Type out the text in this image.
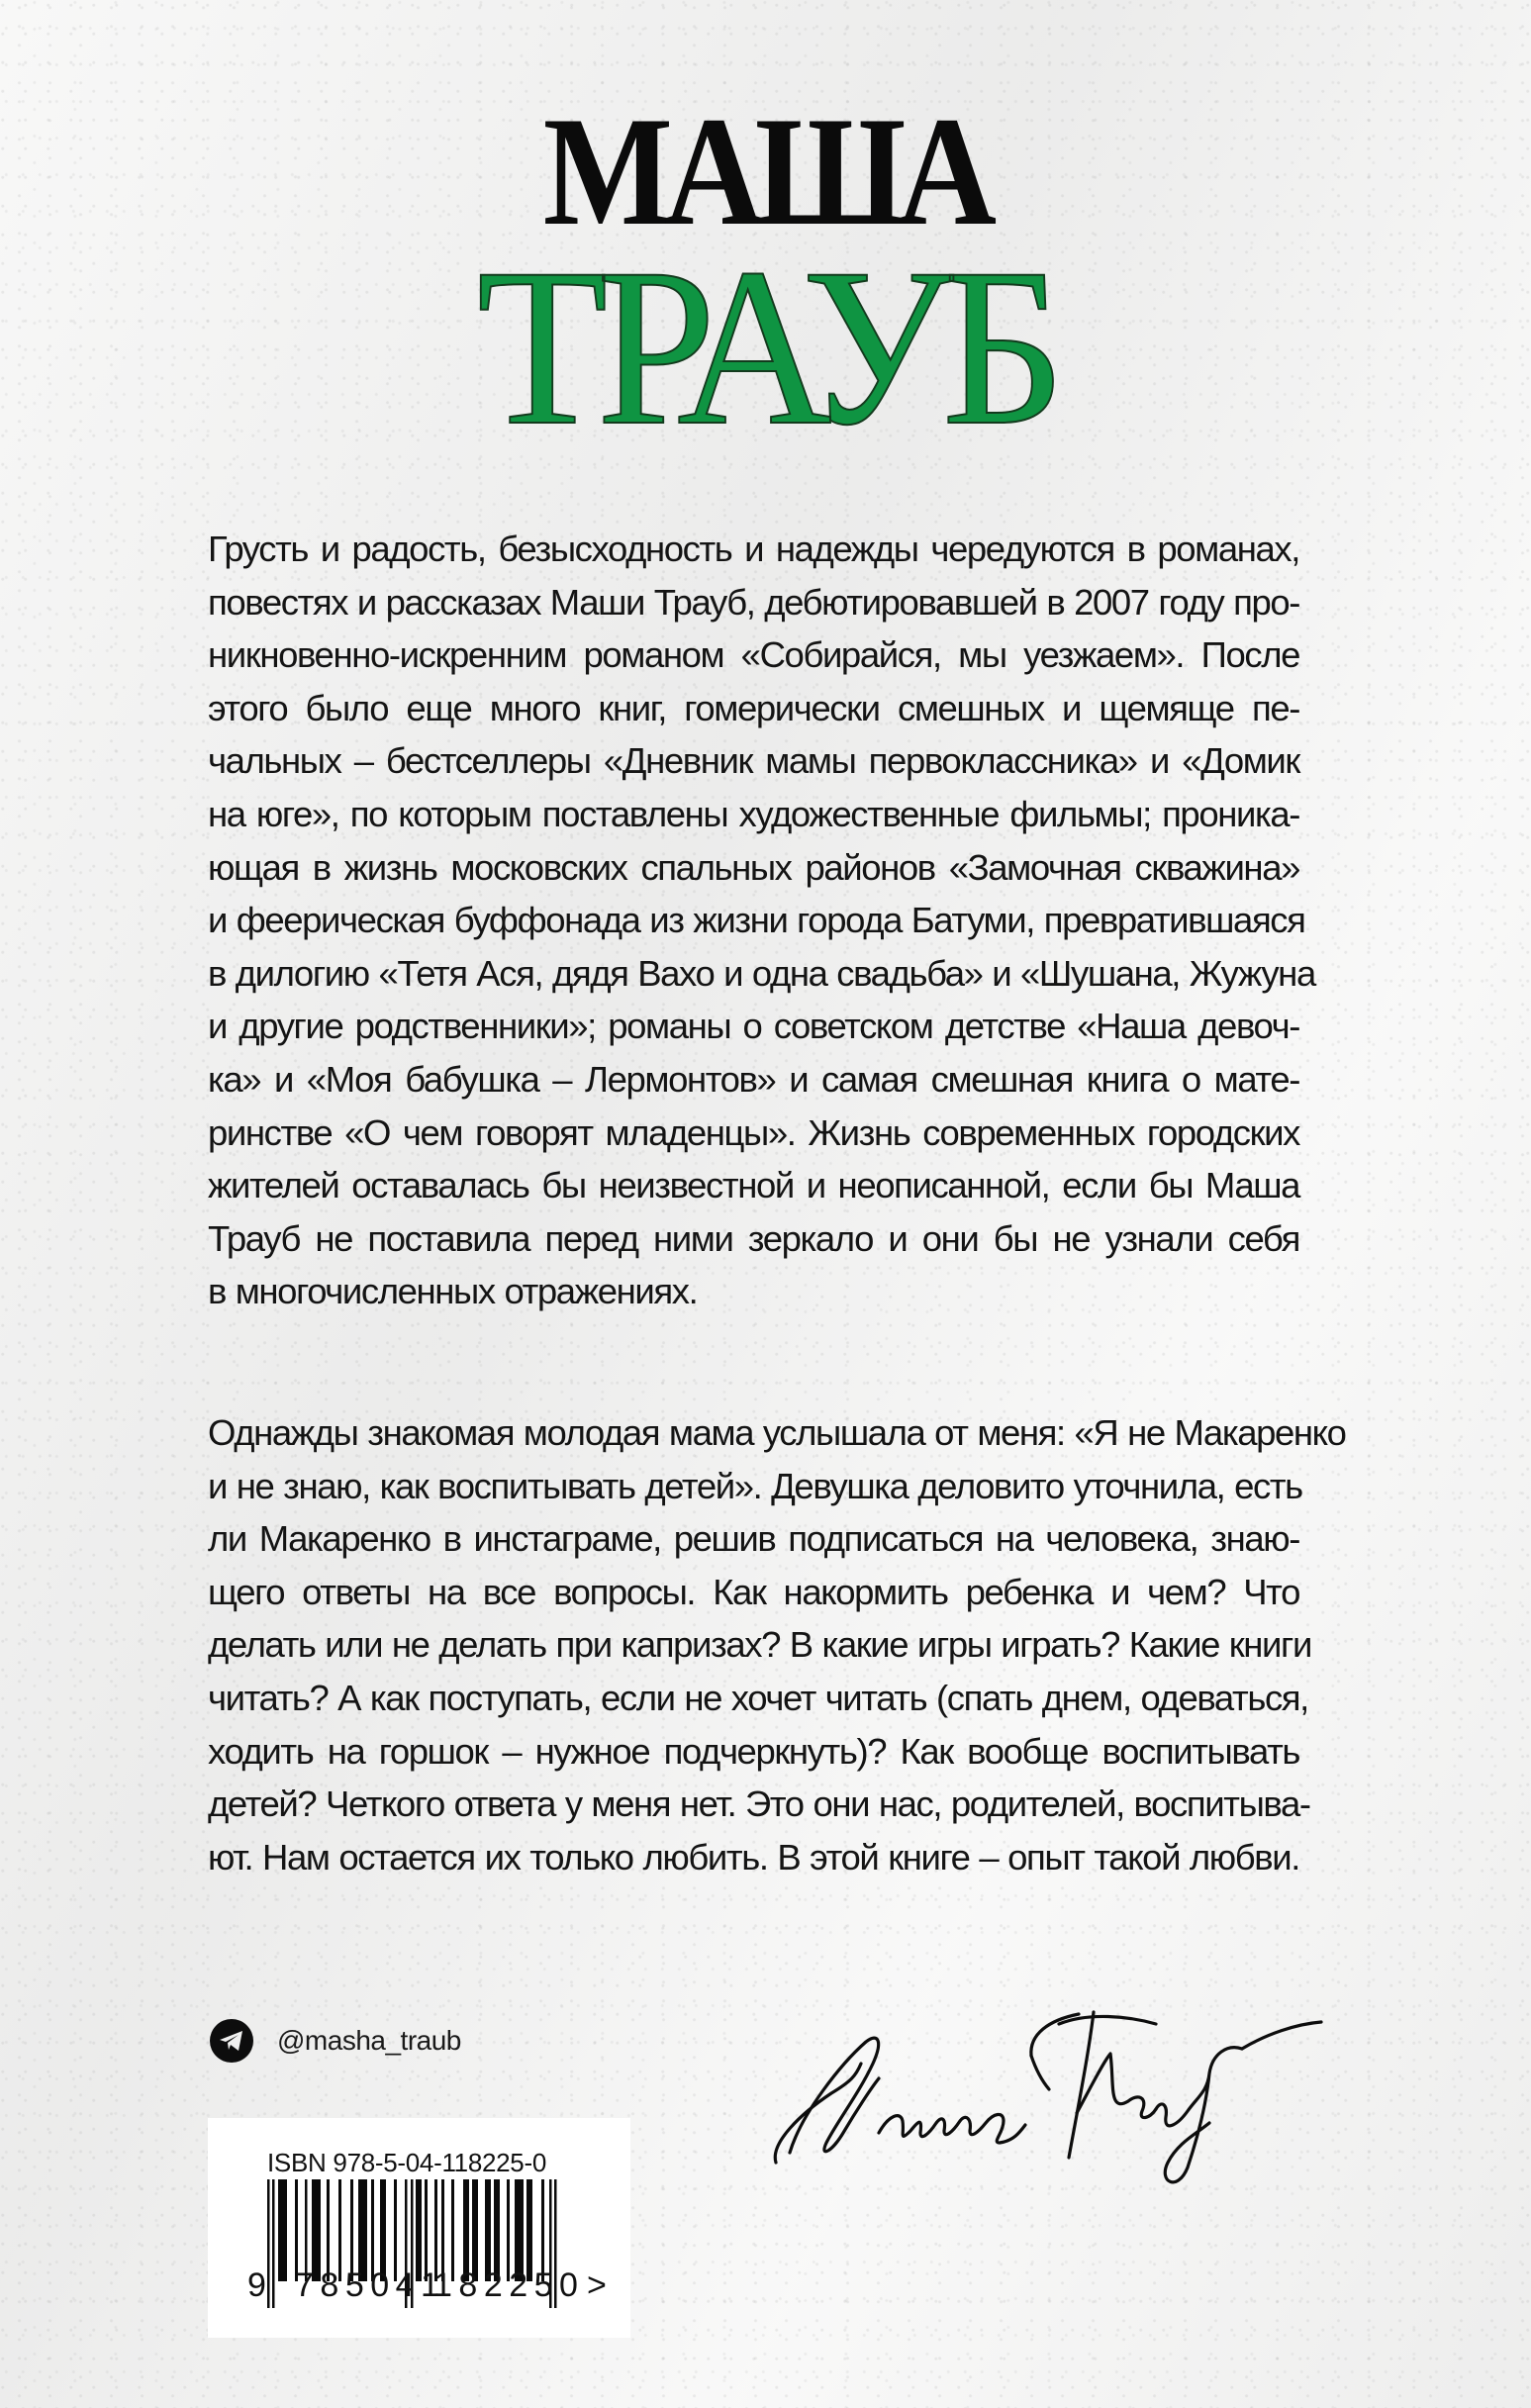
МАША
ТРАУБ
Грусть и радость, безысходность и надежды чередуются в романах,
повестях и рассказах Маши Трауб, дебютировавшей в 2007 году про-
никновенно-искренним романом «Собирайся, мы уезжаем». После
этого было еще много книг, гомерически смешных и щемяще пе-
чальных – бестселлеры «Дневник мамы первоклассника» и «Домик
на юге», по которым поставлены художественные фильмы; проника-
ющая в жизнь московских спальных районов «Замочная скважина»
и феерическая буффонада из жизни города Батуми, превратившаяся
в дилогию «Тетя Ася, дядя Вахо и одна свадьба» и «Шушана, Жужуна
и другие родственники»; романы о советском детстве «Наша девоч-
ка» и «Моя бабушка – Лермонтов» и самая смешная книга о мате-
ринстве «О чем говорят младенцы». Жизнь современных городских
жителей оставалась бы неизвестной и неописанной, если бы Маша
Трауб не поставила перед ними зеркало и они бы не узнали себя
в многочисленных отражениях.
Однажды знакомая молодая мама услышала от меня: «Я не Макаренко
и не знаю, как воспитывать детей». Девушка деловито уточнила, есть
ли Макаренко в инстаграме, решив подписаться на человека, знаю-
щего ответы на все вопросы. Как накормить ребенка и чем? Что
делать или не делать при капризах? В какие игры играть? Какие книги
читать? А как поступать, если не хочет читать (спать днем, одеваться,
ходить на горшок – нужное подчеркнуть)? Как вообще воспитывать
детей? Четкого ответа у меня нет. Это они нас, родителей, воспитыва-
ют. Нам остается их только любить. В этой книге – опыт такой любви.
@masha_traub
ISBN 978-5-04-118225-0
9 785041
182250 >
